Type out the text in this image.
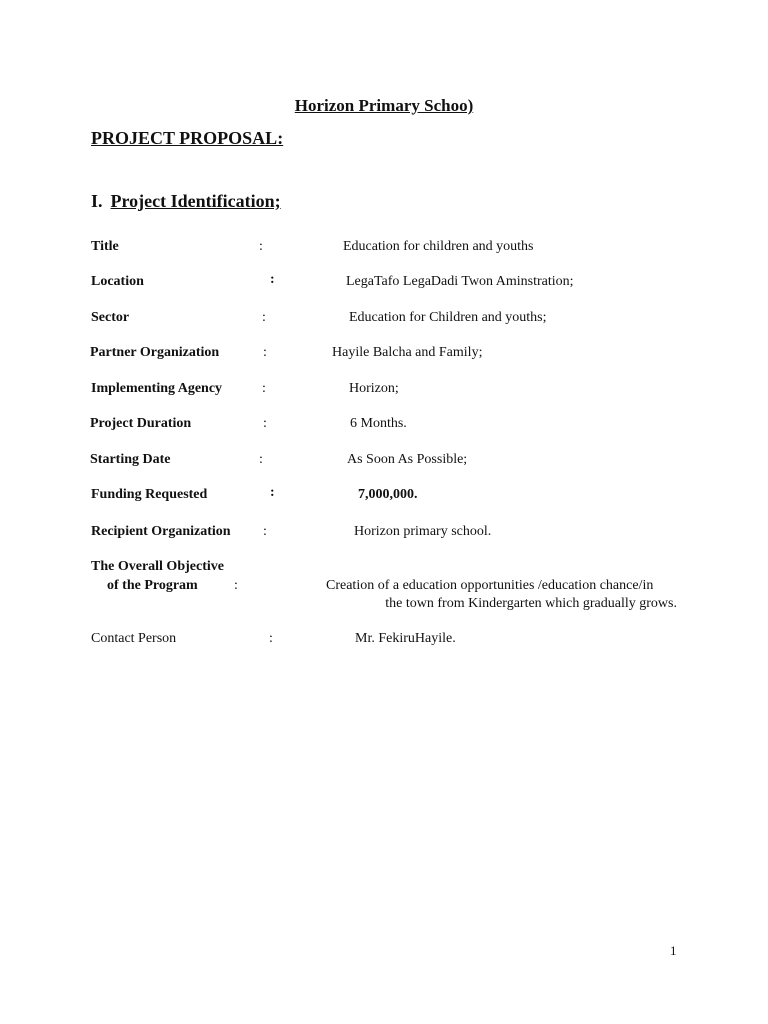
Horizon Primary Schoo)
PROJECT PROPOSAL:
I. Project Identification;
Title	:	Education for children and youths
Location	:	LegaTafo LegaDadi Twon Aminstration;
Sector	:	Education for Children and youths;
Partner Organization	:	Hayile Balcha and Family;
Implementing Agency	:	Horizon;
Project Duration	:	6 Months.
Starting Date	:	As Soon As Possible;
Funding Requested	:	7,000,000.
Recipient Organization :	Horizon primary school.
The Overall Objective
of the Program	:	Creation of a education opportunities /education chance/in
the town from Kindergarten which gradually grows.
Contact Person	:	Mr. FekiruHayile.
1
